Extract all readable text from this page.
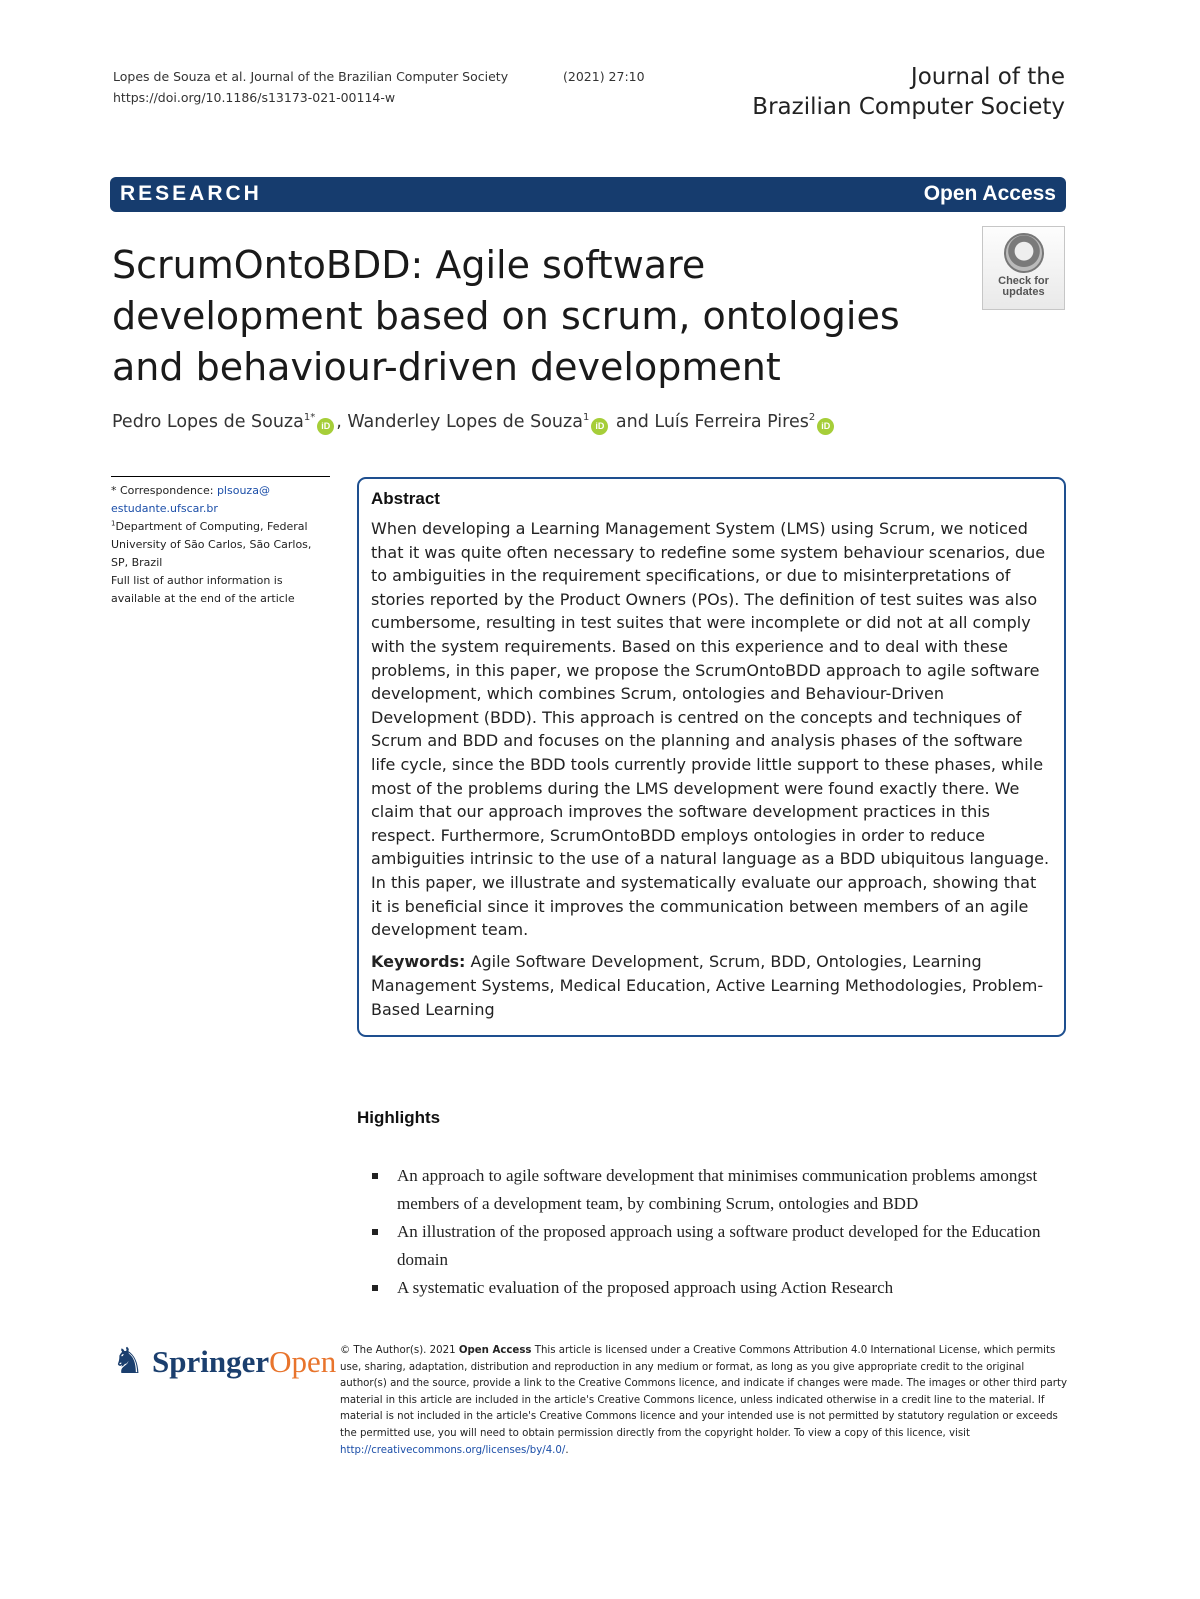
Lopes de Souza et al. Journal of the Brazilian Computer Society	(2021) 27:10
https://doi.org/10.1186/s13173-021-00114-w
Journal of the
Brazilian Computer Society
RESEARCH	Open Access
ScrumOntoBDD: Agile software development based on scrum, ontologies and behaviour-driven development
Check for
updates
Pedro Lopes de Souza$^{1*}$iD , Wanderley Lopes de Souza$^1$iD and Luís Ferreira Pires$^2$iD
* Correspondence: plsouza@
estudante.ufscar.br
$^1$Department of Computing, Federal University of São Carlos, São Carlos, SP, Brazil
Full list of author information is available at the end of the article
Abstract

When developing a Learning Management System (LMS) using Scrum, we noticed that it was quite often necessary to redefine some system behaviour scenarios, due to ambiguities in the requirement specifications, or due to misinterpretations of stories reported by the Product Owners (POs). The definition of test suites was also cumbersome, resulting in test suites that were incomplete or did not at all comply with the system requirements. Based on this experience and to deal with these problems, in this paper, we propose the ScrumOntoBDD approach to agile software development, which combines Scrum, ontologies and Behaviour-Driven Development (BDD). This approach is centred on the concepts and techniques of Scrum and BDD and focuses on the planning and analysis phases of the software life cycle, since the BDD tools currently provide little support to these phases, while most of the problems during the LMS development were found exactly there. We claim that our approach improves the software development practices in this respect. Furthermore, ScrumOntoBDD employs ontologies in order to reduce ambiguities intrinsic to the use of a natural language as a BDD ubiquitous language. In this paper, we illustrate and systematically evaluate our approach, showing that it is beneficial since it improves the communication between members of an agile development team.

Keywords: Agile Software Development, Scrum, BDD, Ontologies, Learning Management Systems, Medical Education, Active Learning Methodologies, Problem-Based Learning

Highlights
An approach to agile software development that minimises communication problems amongst members of a development team, by combining Scrum, ontologies and BDD
An illustration of the proposed approach using a software product developed for the Education domain
A systematic evaluation of the proposed approach using Action Research
♞ SpringerOpen © The Author(s). 2021 Open Access This article is licensed under a Creative Commons Attribution 4.0 International License, which permits use, sharing, adaptation, distribution and reproduction in any medium or format, as long as you give appropriate credit to the original author(s) and the source, provide a link to the Creative Commons licence, and indicate if changes were made. The images or other third party material in this article are included in the article's Creative Commons licence, unless indicated otherwise in a credit line to the material. If material is not included in the article's Creative Commons licence and your intended use is not permitted by statutory regulation or exceeds the permitted use, you will need to obtain permission directly from the copyright holder. To view a copy of this licence, visit http://creativecommons.org/licenses/by/4.0/.
